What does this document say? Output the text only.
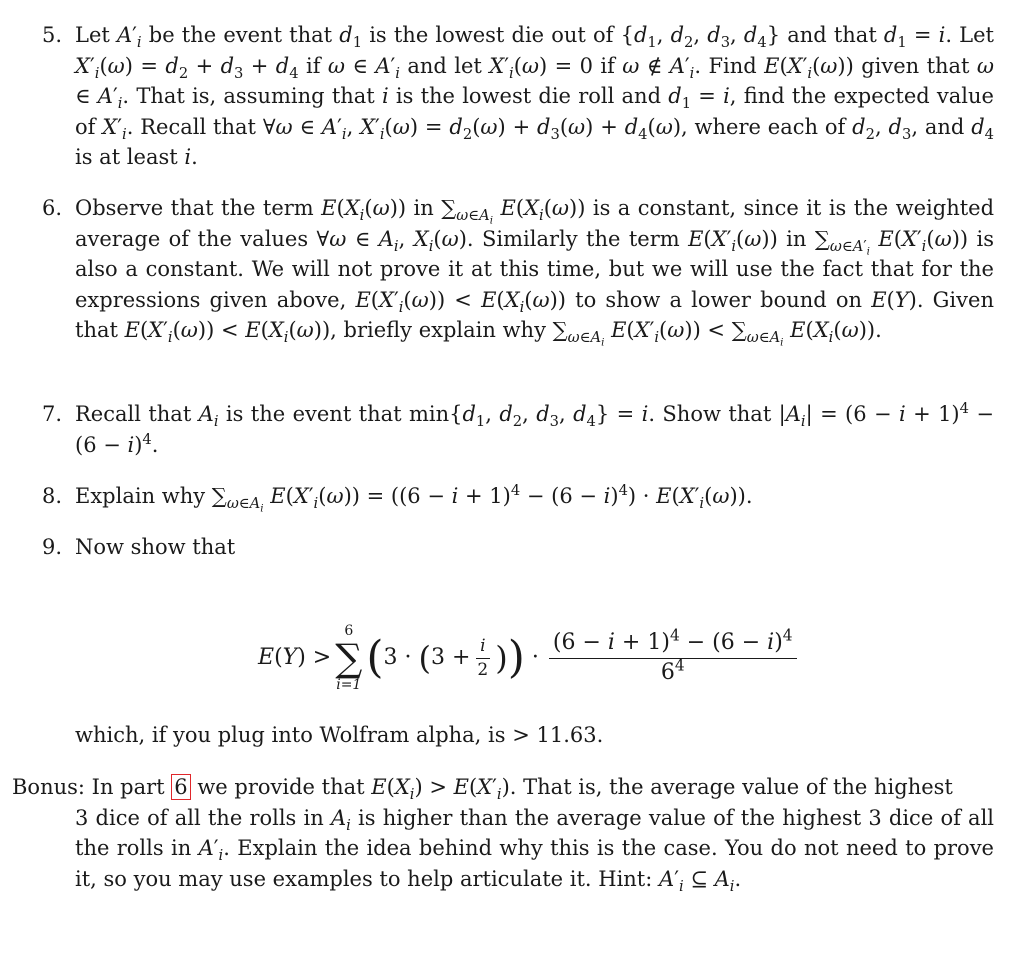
5. Let $A'_i$ be the event that $d_1$ is the lowest die out of {$d_1$, $d_2$, $d_3$, $d_4$} and that $d_1 = i$. Let $X'_i(\omega) = d_2 + d_3 + d_4$ if ω ∈ $A'_i$ and let $X'_i(\omega) = 0$ if ω ∉ $A'_i$. Find $E(X'_i(\omega))$ given that ω ∈ $A'_i$. That is, assuming that i is the lowest die roll and $d_1 = i$, find the expected value of $X'_i$. Recall that ∀ω ∈ $A'_i$, $X'_i(\omega) = d_2(\omega) + d_3(\omega) + d_4(\omega)$, where each of $d_2$, $d_3$, and $d_4$ is at least i.
6. Observe that the term $E(X_i(\omega))$ in $\sum_{\omega\in A_i}$ $E(X_i(\omega))$ is a constant, since it is the weighted average of the values ∀ω ∈ $A_i$, $X_i(\omega)$. Similarly the term $E(X'_i(\omega))$ in $\sum_{\omega\in A'_i}$ $E(X'_i(\omega))$ is also a constant. We will not prove it at this time, but we will use the fact that for the expressions given above, $E(X'_i(\omega)) < E(X_i(\omega))$ to show a lower bound on E(Y). Given that $E(X'_i(\omega)) < E(X_i(\omega))$, briefly explain why $\sum_{\omega\in A_i}$ $E(X'_i(\omega)) < \sum_{\omega\in A_i}$ $E(X_i(\omega))$.
7. Recall that $A_i$ is the event that $\min\{d_1$, $d_2$, $d_3$, $d_4\} = i$. Show that $|A_i| = (6 - i + 1)^4 - (6 - i)^4$.
8. Explain why $\sum_{\omega\in A_i}$ $E(X'_i(\omega)) = ((6 - i + 1)^4 - (6 - i)^4) \cdot E(X'_i(\omega))$.
9. Now show that
E(Y) >
6
∑
i=1
( 3 · ( $3 + \frac{i}{2}$ ) ) · $\frac{(6 - i + 1)^4 - (6 - i)^4}{6^4}$
which, if you plug into Wolfram alpha, is > 11.63.
Bonus: In part 6 we provide that $E(X_i) > E(X'_i)$. That is, the average value of the highest
3 dice of all the rolls in $A_i$ is higher than the average value of the highest 3 dice of all the rolls in $A'_i$. Explain the idea behind why this is the case. You do not need to prove it, so you may use examples to help articulate it. Hint: $A'_i$ ⊆ $A_i$.
